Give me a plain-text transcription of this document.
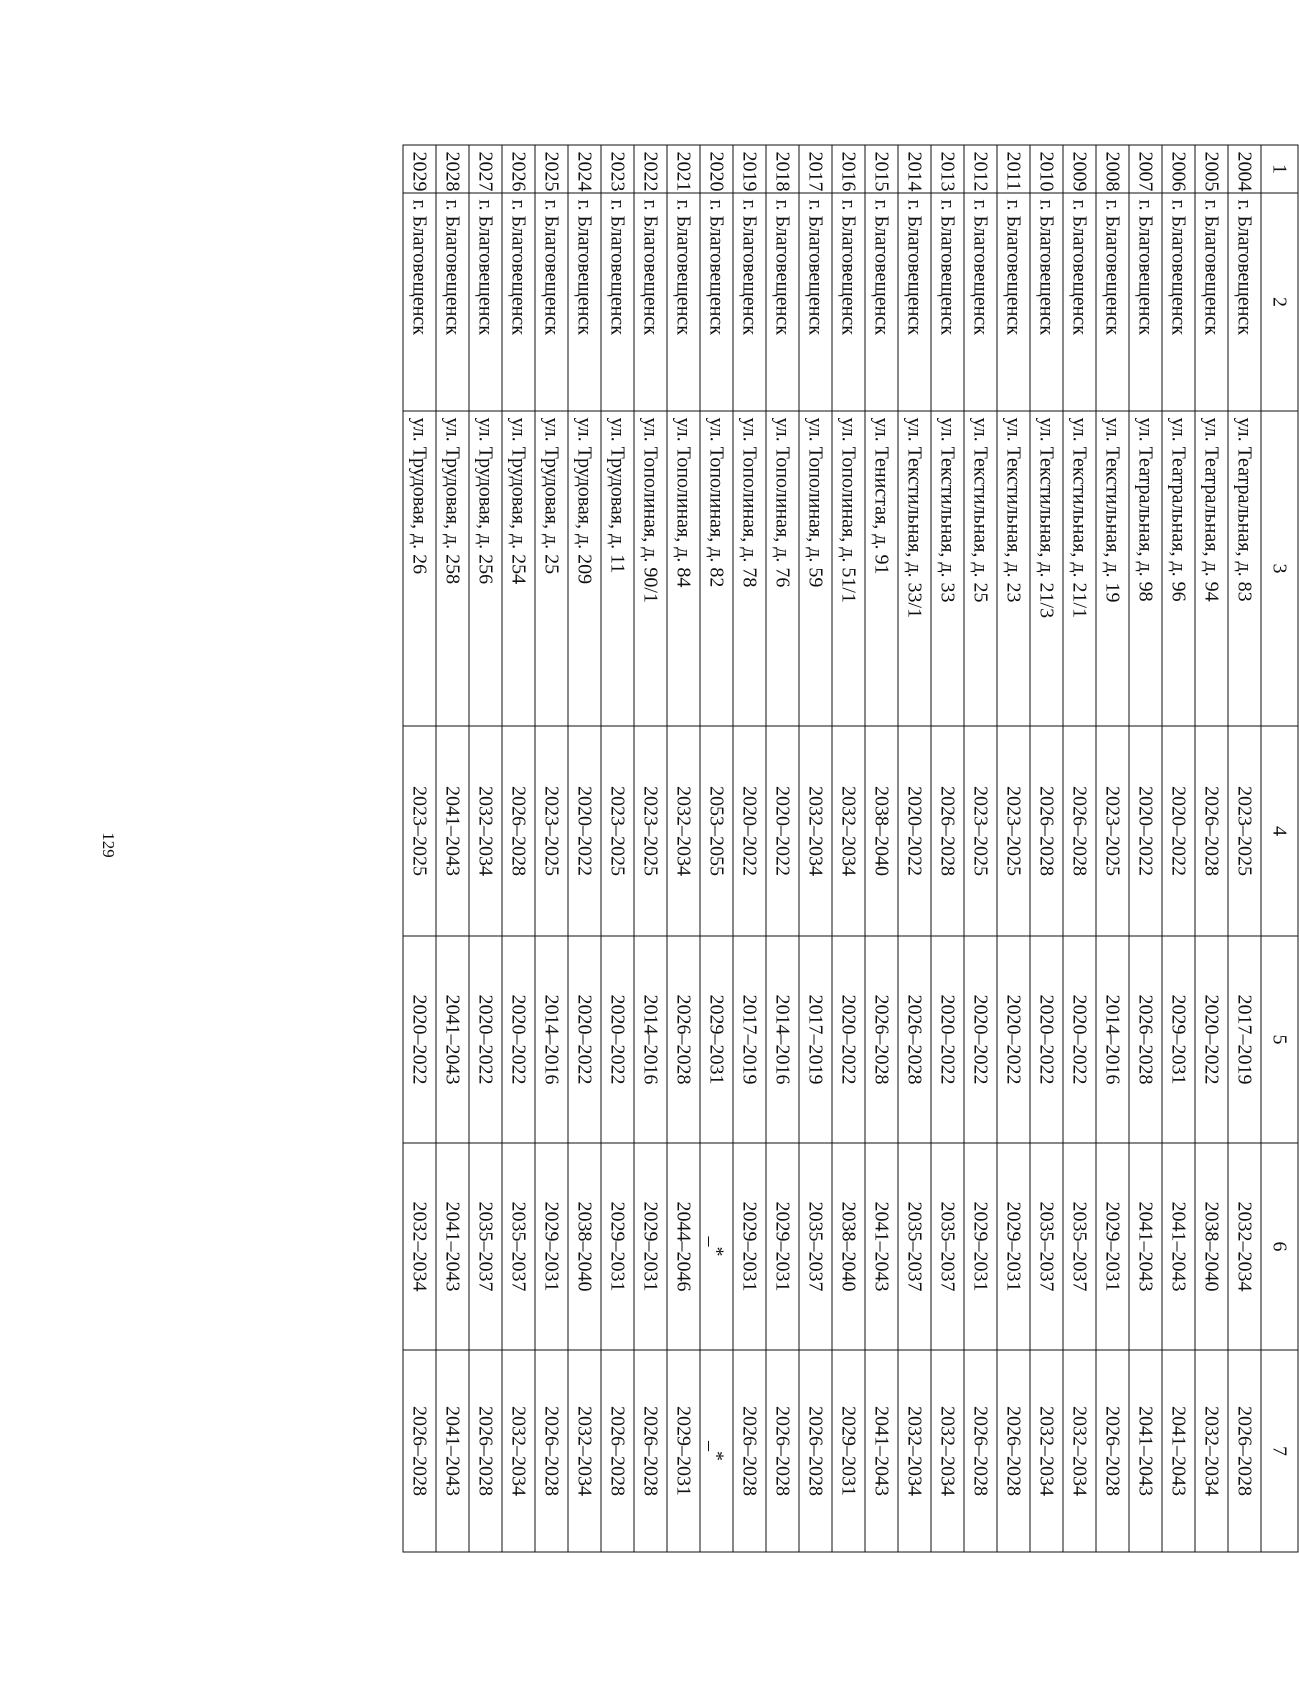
129
1	2	3	4	5	6	7
2004	г. Благовещенск	ул. Театральная, д. 83	2023–2025	2017–2019	2032–2034	2026–2028
2005	г. Благовещенск	ул. Театральная, д. 94	2026–2028	2020–2022	2038–2040	2032–2034
2006	г. Благовещенск	ул. Театральная, д. 96	2020–2022	2029–2031	2041–2043	2041–2043
2007	г. Благовещенск	ул. Театральная, д. 98	2020–2022	2026–2028	2041–2043	2041–2043
2008	г. Благовещенск	ул. Текстильная, д. 19	2023–2025	2014–2016	2029–2031	2026–2028
2009	г. Благовещенск	ул. Текстильная, д. 21/1	2026–2028	2020–2022	2035–2037	2032–2034
2010	г. Благовещенск	ул. Текстильная, д. 21/3	2026–2028	2020–2022	2035–2037	2032–2034
2011	г. Благовещенск	ул. Текстильная, д. 23	2023–2025	2020–2022	2029–2031	2026–2028
2012	г. Благовещенск	ул. Текстильная, д. 25	2023–2025	2020–2022	2029–2031	2026–2028
2013	г. Благовещенск	ул. Текстильная, д. 33	2026–2028	2020–2022	2035–2037	2032–2034
2014	г. Благовещенск	ул. Текстильная, д. 33/1	2020–2022	2026–2028	2035–2037	2032–2034
2015	г. Благовещенск	ул. Тенистая, д. 91	2038–2040	2026–2028	2041–2043	2041–2043
2016	г. Благовещенск	ул. Тополиная, д. 51/1	2032–2034	2020–2022	2038–2040	2029–2031
2017	г. Благовещенск	ул. Тополиная, д. 59	2032–2034	2017–2019	2035–2037	2026–2028
2018	г. Благовещенск	ул. Тополиная, д. 76	2020–2022	2014–2016	2029–2031	2026–2028
2019	г. Благовещенск	ул. Тополиная, д. 78	2020–2022	2017–2019	2029–2031	2026–2028
2020	г. Благовещенск	ул. Тополиная, д. 82	2053–2055	2029–2031	_*	_*
2021	г. Благовещенск	ул. Тополиная, д. 84	2032–2034	2026–2028	2044–2046	2029–2031
2022	г. Благовещенск	ул. Тополиная, д. 90/1	2023–2025	2014–2016	2029–2031	2026–2028
2023	г. Благовещенск	ул. Трудовая, д. 11	2023–2025	2020–2022	2029–2031	2026–2028
2024	г. Благовещенск	ул. Трудовая, д. 209	2020–2022	2020–2022	2038–2040	2032–2034
2025	г. Благовещенск	ул. Трудовая, д. 25	2023–2025	2014–2016	2029–2031	2026–2028
2026	г. Благовещенск	ул. Трудовая, д. 254	2026–2028	2020–2022	2035–2037	2032–2034
2027	г. Благовещенск	ул. Трудовая, д. 256	2032–2034	2020–2022	2035–2037	2026–2028
2028	г. Благовещенск	ул. Трудовая, д. 258	2041–2043	2041–2043	2041–2043	2041–2043
2029	г. Благовещенск	ул. Трудовая, д. 26	2023–2025	2020–2022	2032–2034	2026–2028
